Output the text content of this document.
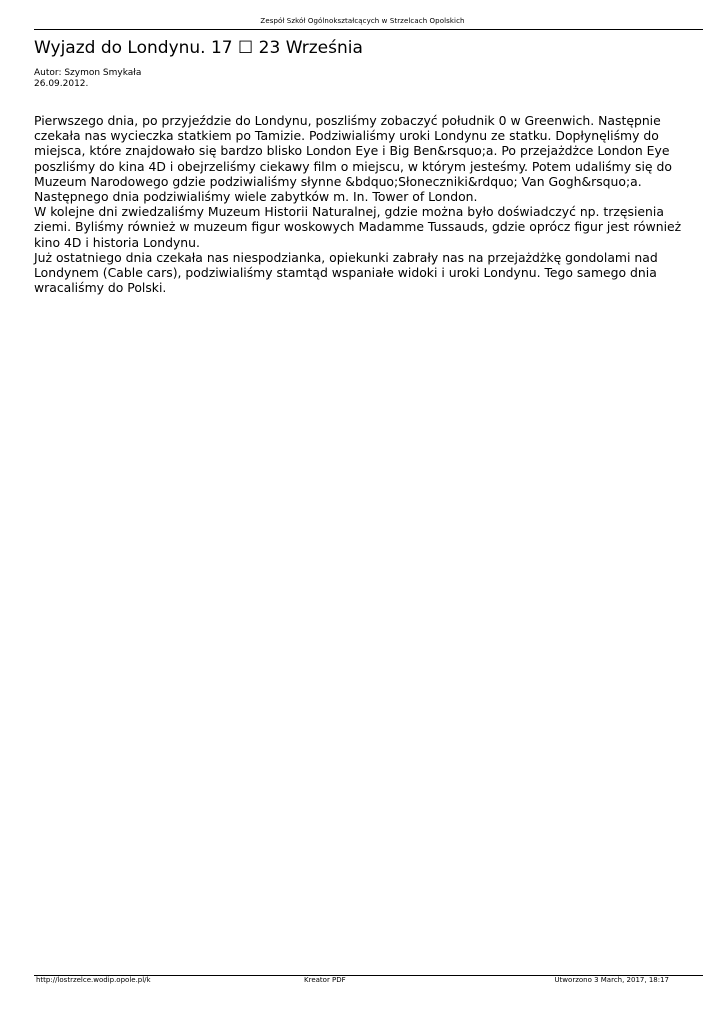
Zespół Szkół Ogólnokształcących w Strzelcach Opolskich
Wyjazd do Londynu. 17 ☐ 23 Września
Autor: Szymon Smykała
26.09.2012.
Pierwszego dnia, po przyjeździe do Londynu, poszliśmy zobaczyć południk 0 w Greenwich. Następnie
czekała nas wycieczka statkiem po Tamizie. Podziwialiśmy uroki Londynu ze statku. Dopłynęliśmy do
miejsca, które znajdowało się bardzo blisko London Eye i Big Ben&rsquo;a. Po przejażdżce London Eye
poszliśmy do kina 4D i obejrzeliśmy ciekawy film o miejscu, w którym jesteśmy. Potem udaliśmy się do
Muzeum Narodowego gdzie podziwialiśmy słynne &bdquo;Słoneczniki&rdquo; Van Gogh&rsquo;a.
Następnego dnia podziwialiśmy wiele zabytków m. In. Tower of London.
W kolejne dni zwiedzaliśmy Muzeum Historii Naturalnej, gdzie można było doświadczyć np. trzęsienia
ziemi. Byliśmy również w muzeum figur woskowych Madamme Tussauds, gdzie oprócz figur jest również
kino 4D i historia Londynu.
Już ostatniego dnia czekała nas niespodzianka, opiekunki zabrały nas na przejażdżkę gondolami nad
Londynem (Cable cars), podziwialiśmy stamtąd wspaniałe widoki i uroki Londynu. Tego samego dnia
wracaliśmy do Polski.
http://lostrzelce.wodip.opole.pl/k	Kreator PDF	Utworzono 3 March, 2017, 18:17
